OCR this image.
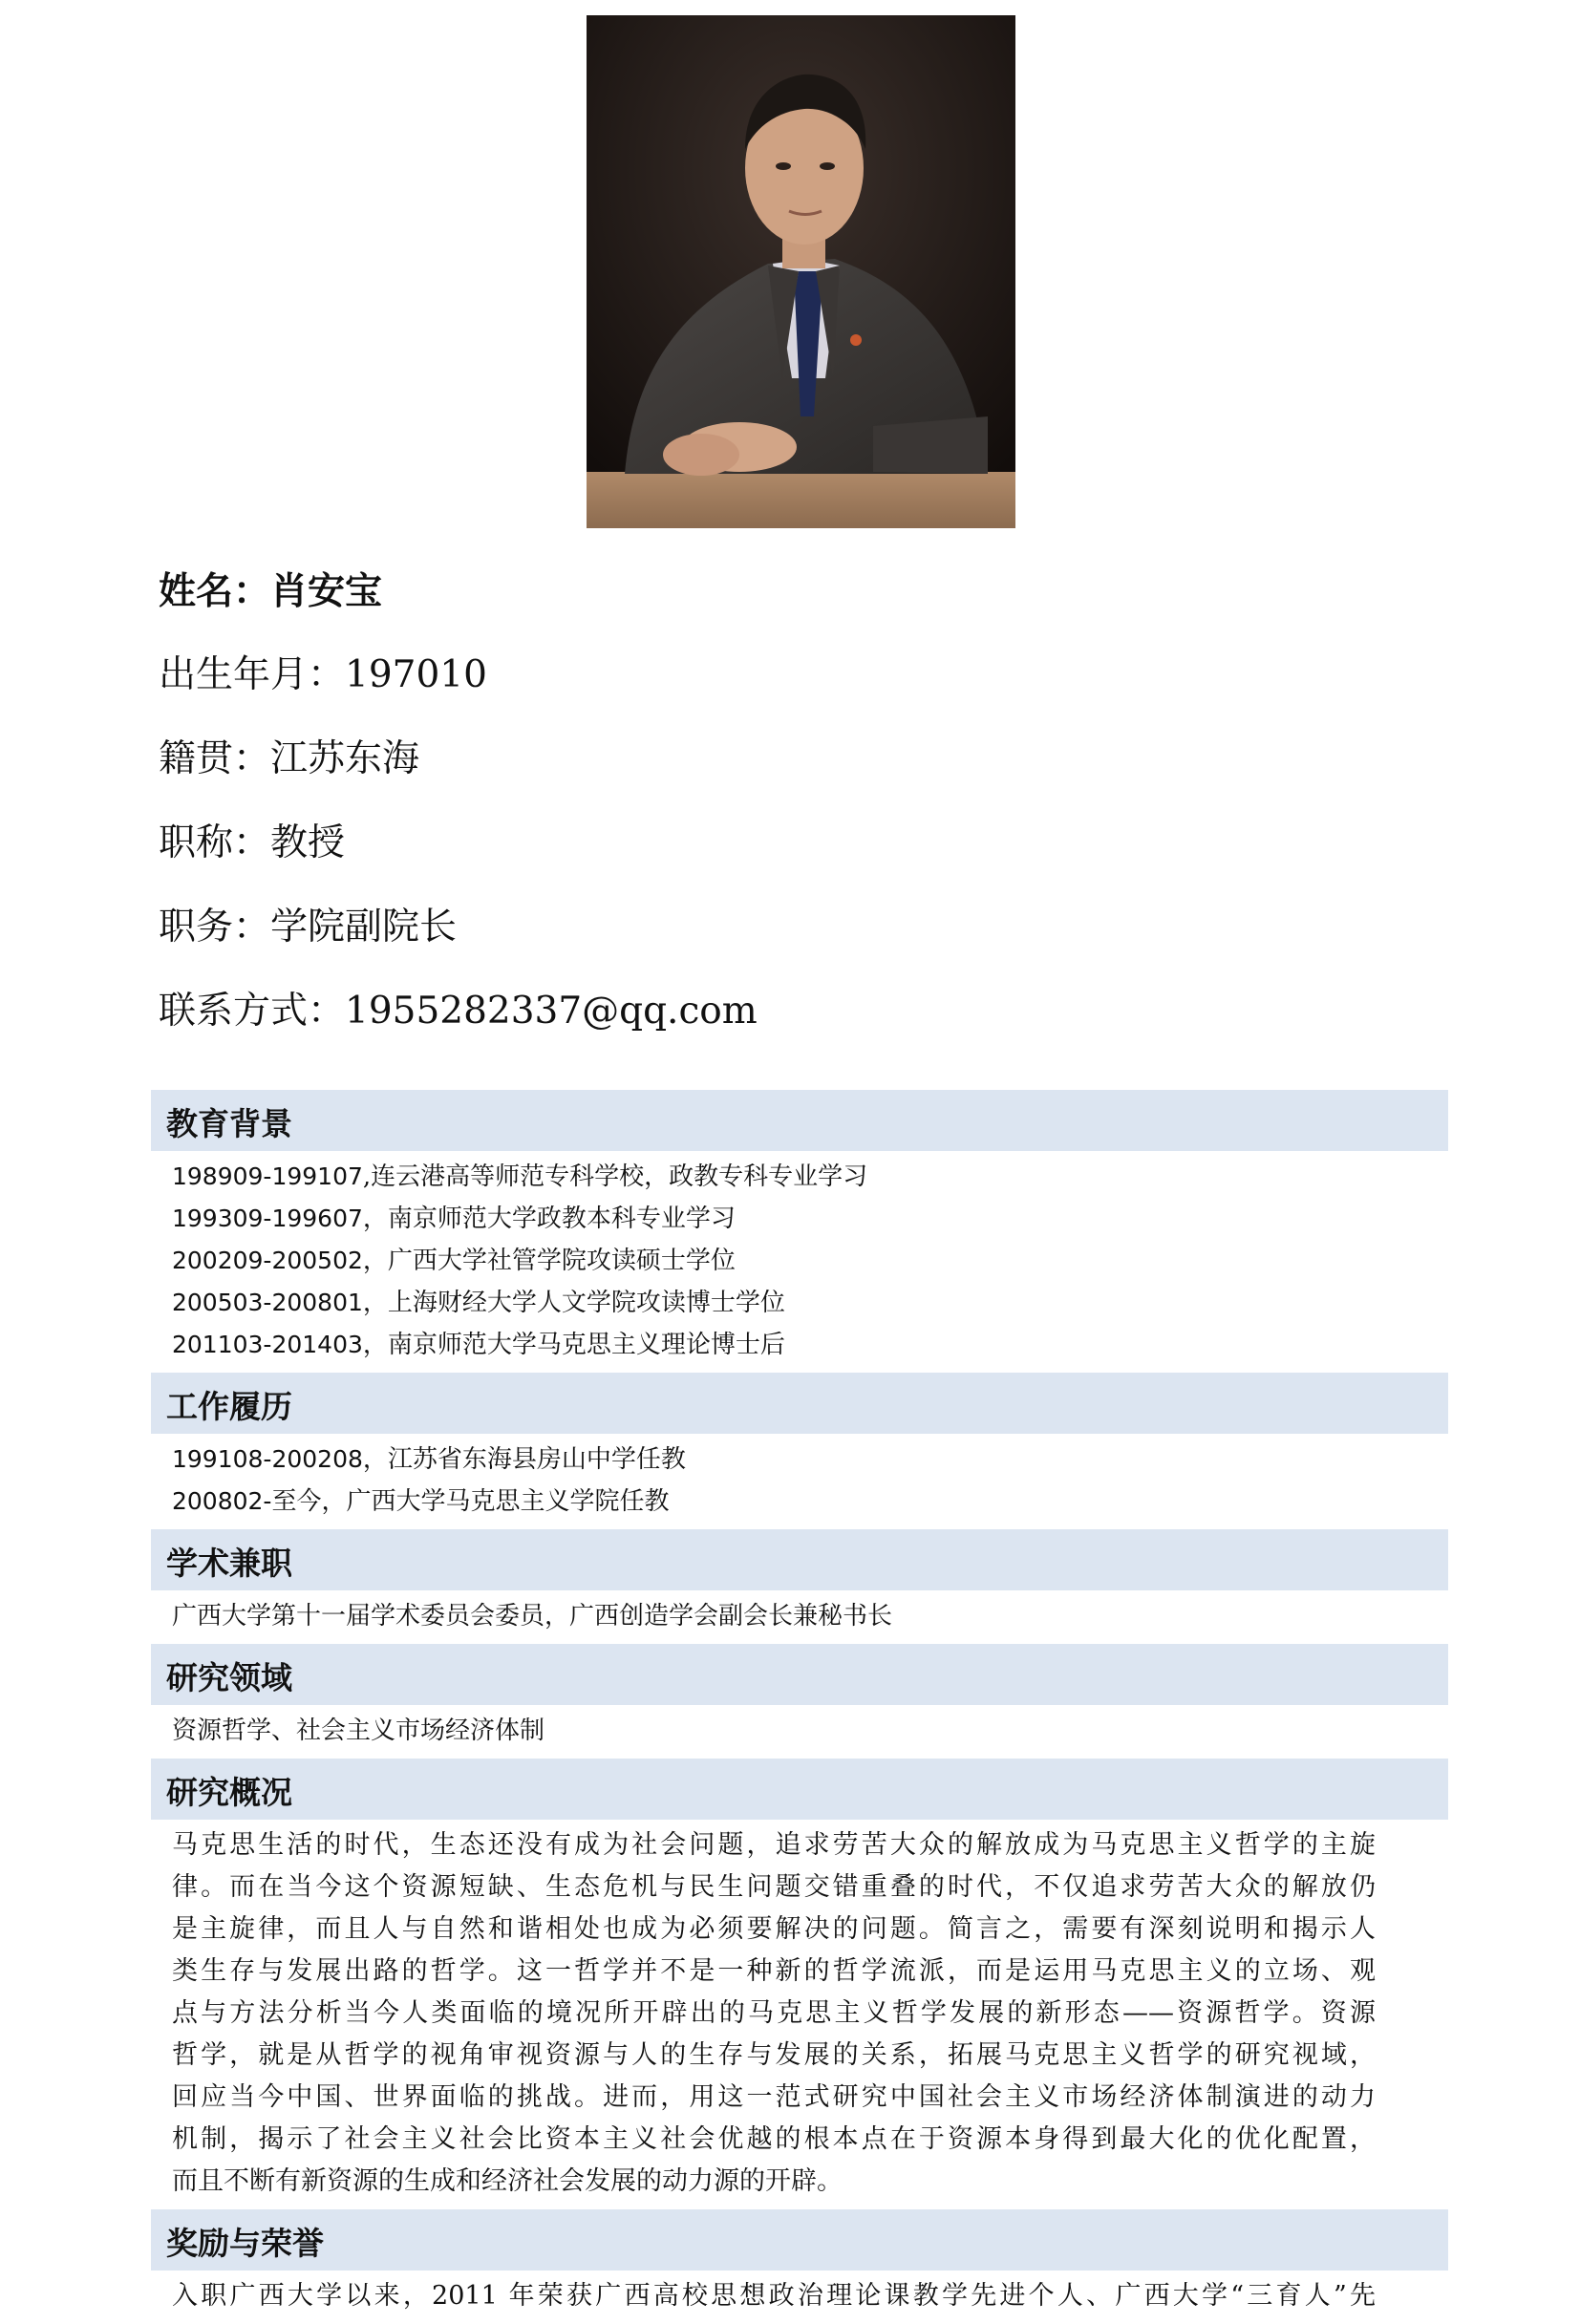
姓名：肖安宝
出生年月：197010
籍贯：江苏东海
职称：教授
职务：学院副院长
联系方式：1955282337@qq.com
教育背景
198909-199107,连云港高等师范专科学校，政教专科专业学习
199309-199607，南京师范大学政教本科专业学习
200209-200502，广西大学社管学院攻读硕士学位
200503-200801，上海财经大学人文学院攻读博士学位
201103-201403，南京师范大学马克思主义理论博士后
工作履历
199108-200208，江苏省东海县房山中学任教
200802-至今，广西大学马克思主义学院任教
学术兼职
广西大学第十一届学术委员会委员，广西创造学会副会长兼秘书长
研究领域
资源哲学、社会主义市场经济体制
研究概况
马克思生活的时代，生态还没有成为社会问题，追求劳苦大众的解放成为马克思主义哲学的主旋
律。而在当今这个资源短缺、生态危机与民生问题交错重叠的时代，不仅追求劳苦大众的解放仍
是主旋律，而且人与自然和谐相处也成为必须要解决的问题。简言之，需要有深刻说明和揭示人
类生存与发展出路的哲学。这一哲学并不是一种新的哲学流派，而是运用马克思主义的立场、观
点与方法分析当今人类面临的境况所开辟出的马克思主义哲学发展的新形态——资源哲学。资源
哲学，就是从哲学的视角审视资源与人的生存与发展的关系，拓展马克思主义哲学的研究视域，
回应当今中国、世界面临的挑战。进而，用这一范式研究中国社会主义市场经济体制演进的动力
机制，揭示了社会主义社会比资本主义社会优越的根本点在于资源本身得到最大化的优化配置，
而且不断有新资源的生成和经济社会发展的动力源的开辟。
奖励与荣誉
入职广西大学以来，2011 年荣获广西高校思想政治理论课教学先进个人、广西大学“三育人”先
